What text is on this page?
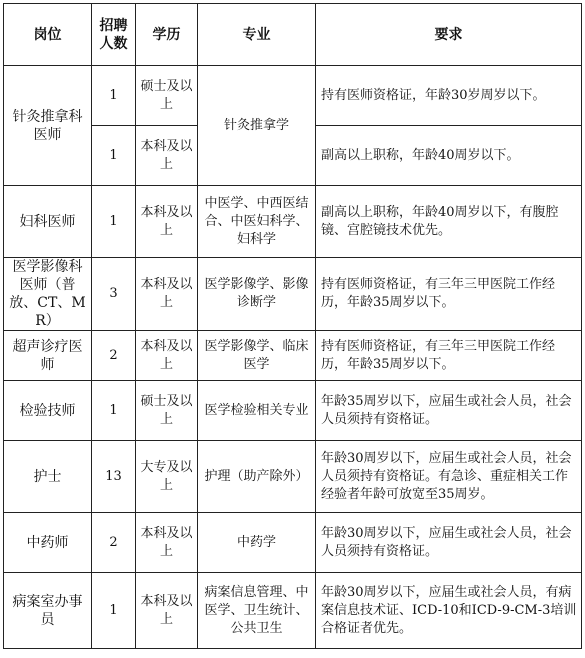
岗位	招聘人数	学历	专业	要求
针灸推拿科医师	1	硕士及以上	针灸推拿学	持有医师资格证，年龄30岁周岁以下。
	1	本科及以上		副高以上职称，年龄40周岁以下。
妇科医师	1	本科及以上	中医学、中西医结合、中医妇科学、妇科学	副高以上职称，年龄40周岁以下，有腹腔镜、宫腔镜技术优先。
医学影像科医师（普放、CT、MR）	3	本科及以上	医学影像学、影像诊断学	持有医师资格证，有三年三甲医院工作经历，年龄35周岁以下。
超声诊疗医师	2	本科及以上	医学影像学、临床医学	持有医师资格证，有三年三甲医院工作经历，年龄35周岁以下。
检验技师	1	硕士及以上	医学检验相关专业	年龄35周岁以下，应届生或社会人员，社会人员须持有资格证。
护士	13	大专及以上	护理（助产除外）	年龄30周岁以下，应届生或社会人员，社会人员须持有资格证。有急诊、重症相关工作经验者年龄可放宽至35周岁。
中药师	2	本科及以上	中药学	年龄30周岁以下，应届生或社会人员，社会人员须持有资格证。
病案室办事员	1	本科及以上	病案信息管理、中医学、卫生统计、公共卫生	年龄30周岁以下，应届生或社会人员，有病案信息技术证、ICD-10和ICD-9-CM-3培训合格证者优先。
